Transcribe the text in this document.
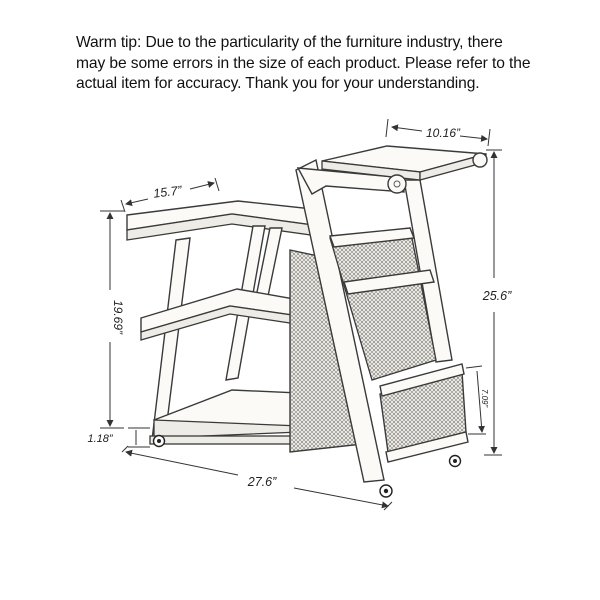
Warm tip: Due to the particularity of the furniture industry, there
may be some errors in the size of each product. Please refer to the
actual item for accuracy. Thank you for your understanding.
10.16”
15.7”
25.6”
19.69”
1.18”
7.09”
27.6”
